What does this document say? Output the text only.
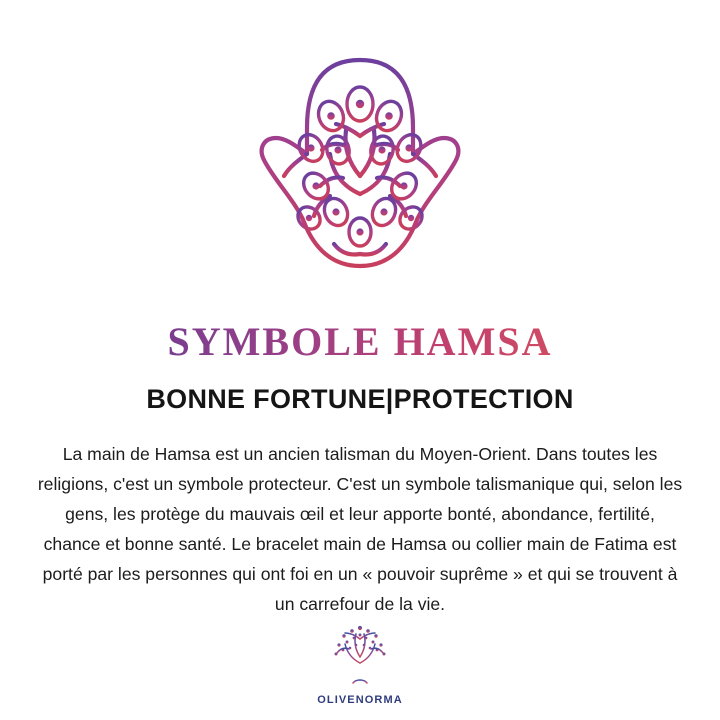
SYMBOLE HAMSA
BONNE FORTUNE|PROTECTION

La main de Hamsa est un ancien talisman du Moyen-Orient. Dans toutes les religions, c'est un symbole protecteur. C'est un symbole talismanique qui, selon les gens, les protège du mauvais œil et leur apporte bonté, abondance, fertilité, chance et bonne santé. Le bracelet main de Hamsa ou collier main de Fatima est porté par les personnes qui ont foi en un « pouvoir suprême » et qui se trouvent à un carrefour de la vie.

OLIVENORMA
